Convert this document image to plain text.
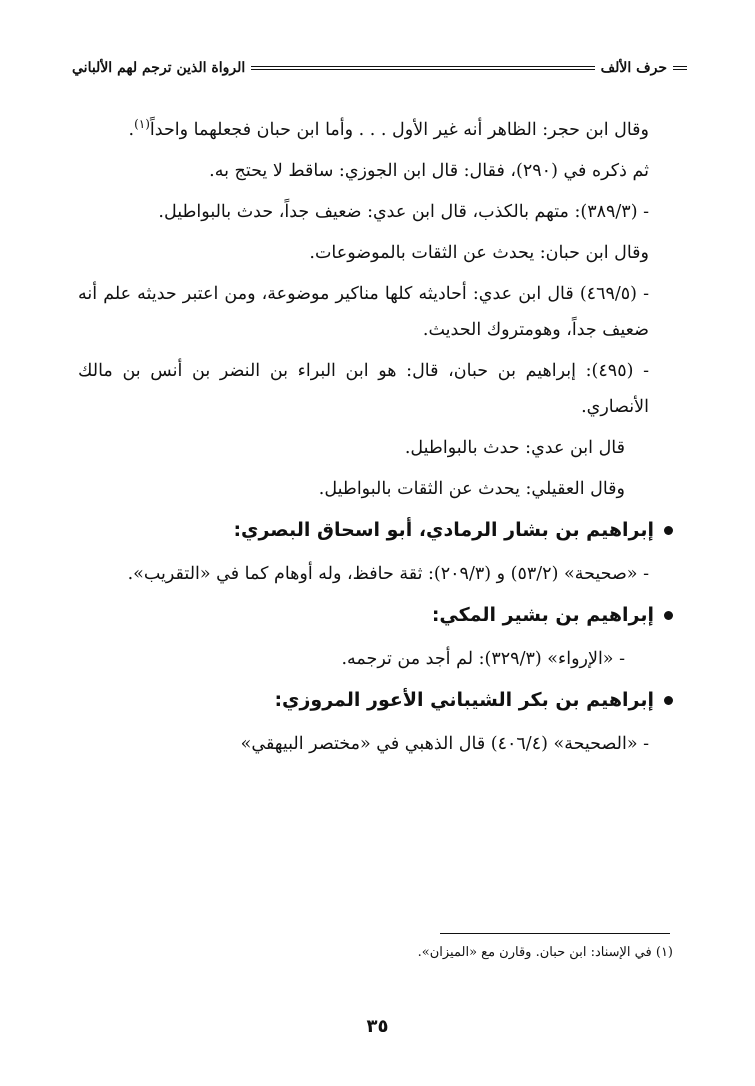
حرف الألف
الرواة الذين ترجم لهم الألباني

وقال ابن حجر: الظاهر أنه غير الأول . . . وأما ابن حبان فجعلهما واحداً$^{(١)}$.

ثم ذكره في (٢٩٠)، فقال: قال ابن الجوزي: ساقط لا يحتج به.

- (٣٨٩/٣): متهم بالكذب، قال ابن عدي: ضعيف جداً، حدث بالبواطيل.

وقال ابن حبان: يحدث عن الثقات بالموضوعات.

- (٤٦٩/٥) قال ابن عدي: أحاديثه كلها مناكير موضوعة، ومن اعتبر حديثه علم أنه ضعيف جداً، وهومتروك الحديث.

- (٤٩٥): إبراهيم بن حبان، قال: هو ابن البراء بن النضر بن أنس بن مالك الأنصاري.

قال ابن عدي: حدث بالبواطيل.

وقال العقيلي: يحدث عن الثقات بالبواطيل.

إبراهيم بن بشار الرمادي، أبو اسحاق البصري:

- «صحيحة» (٥٣/٢) و (٢٠٩/٣): ثقة حافظ، وله أوهام كما في «التقريب».

إبراهيم بن بشير المكي:

- «الإرواء» (٣٢٩/٣): لم أجد من ترجمه.

إبراهيم بن بكر الشيباني الأعور المروزي:

- «الصحيحة» (٤٠٦/٤) قال الذهبي في «مختصر البيهقي»

(١) في الإسناد: ابن حبان. وقارن مع «الميزان».
٣٥
